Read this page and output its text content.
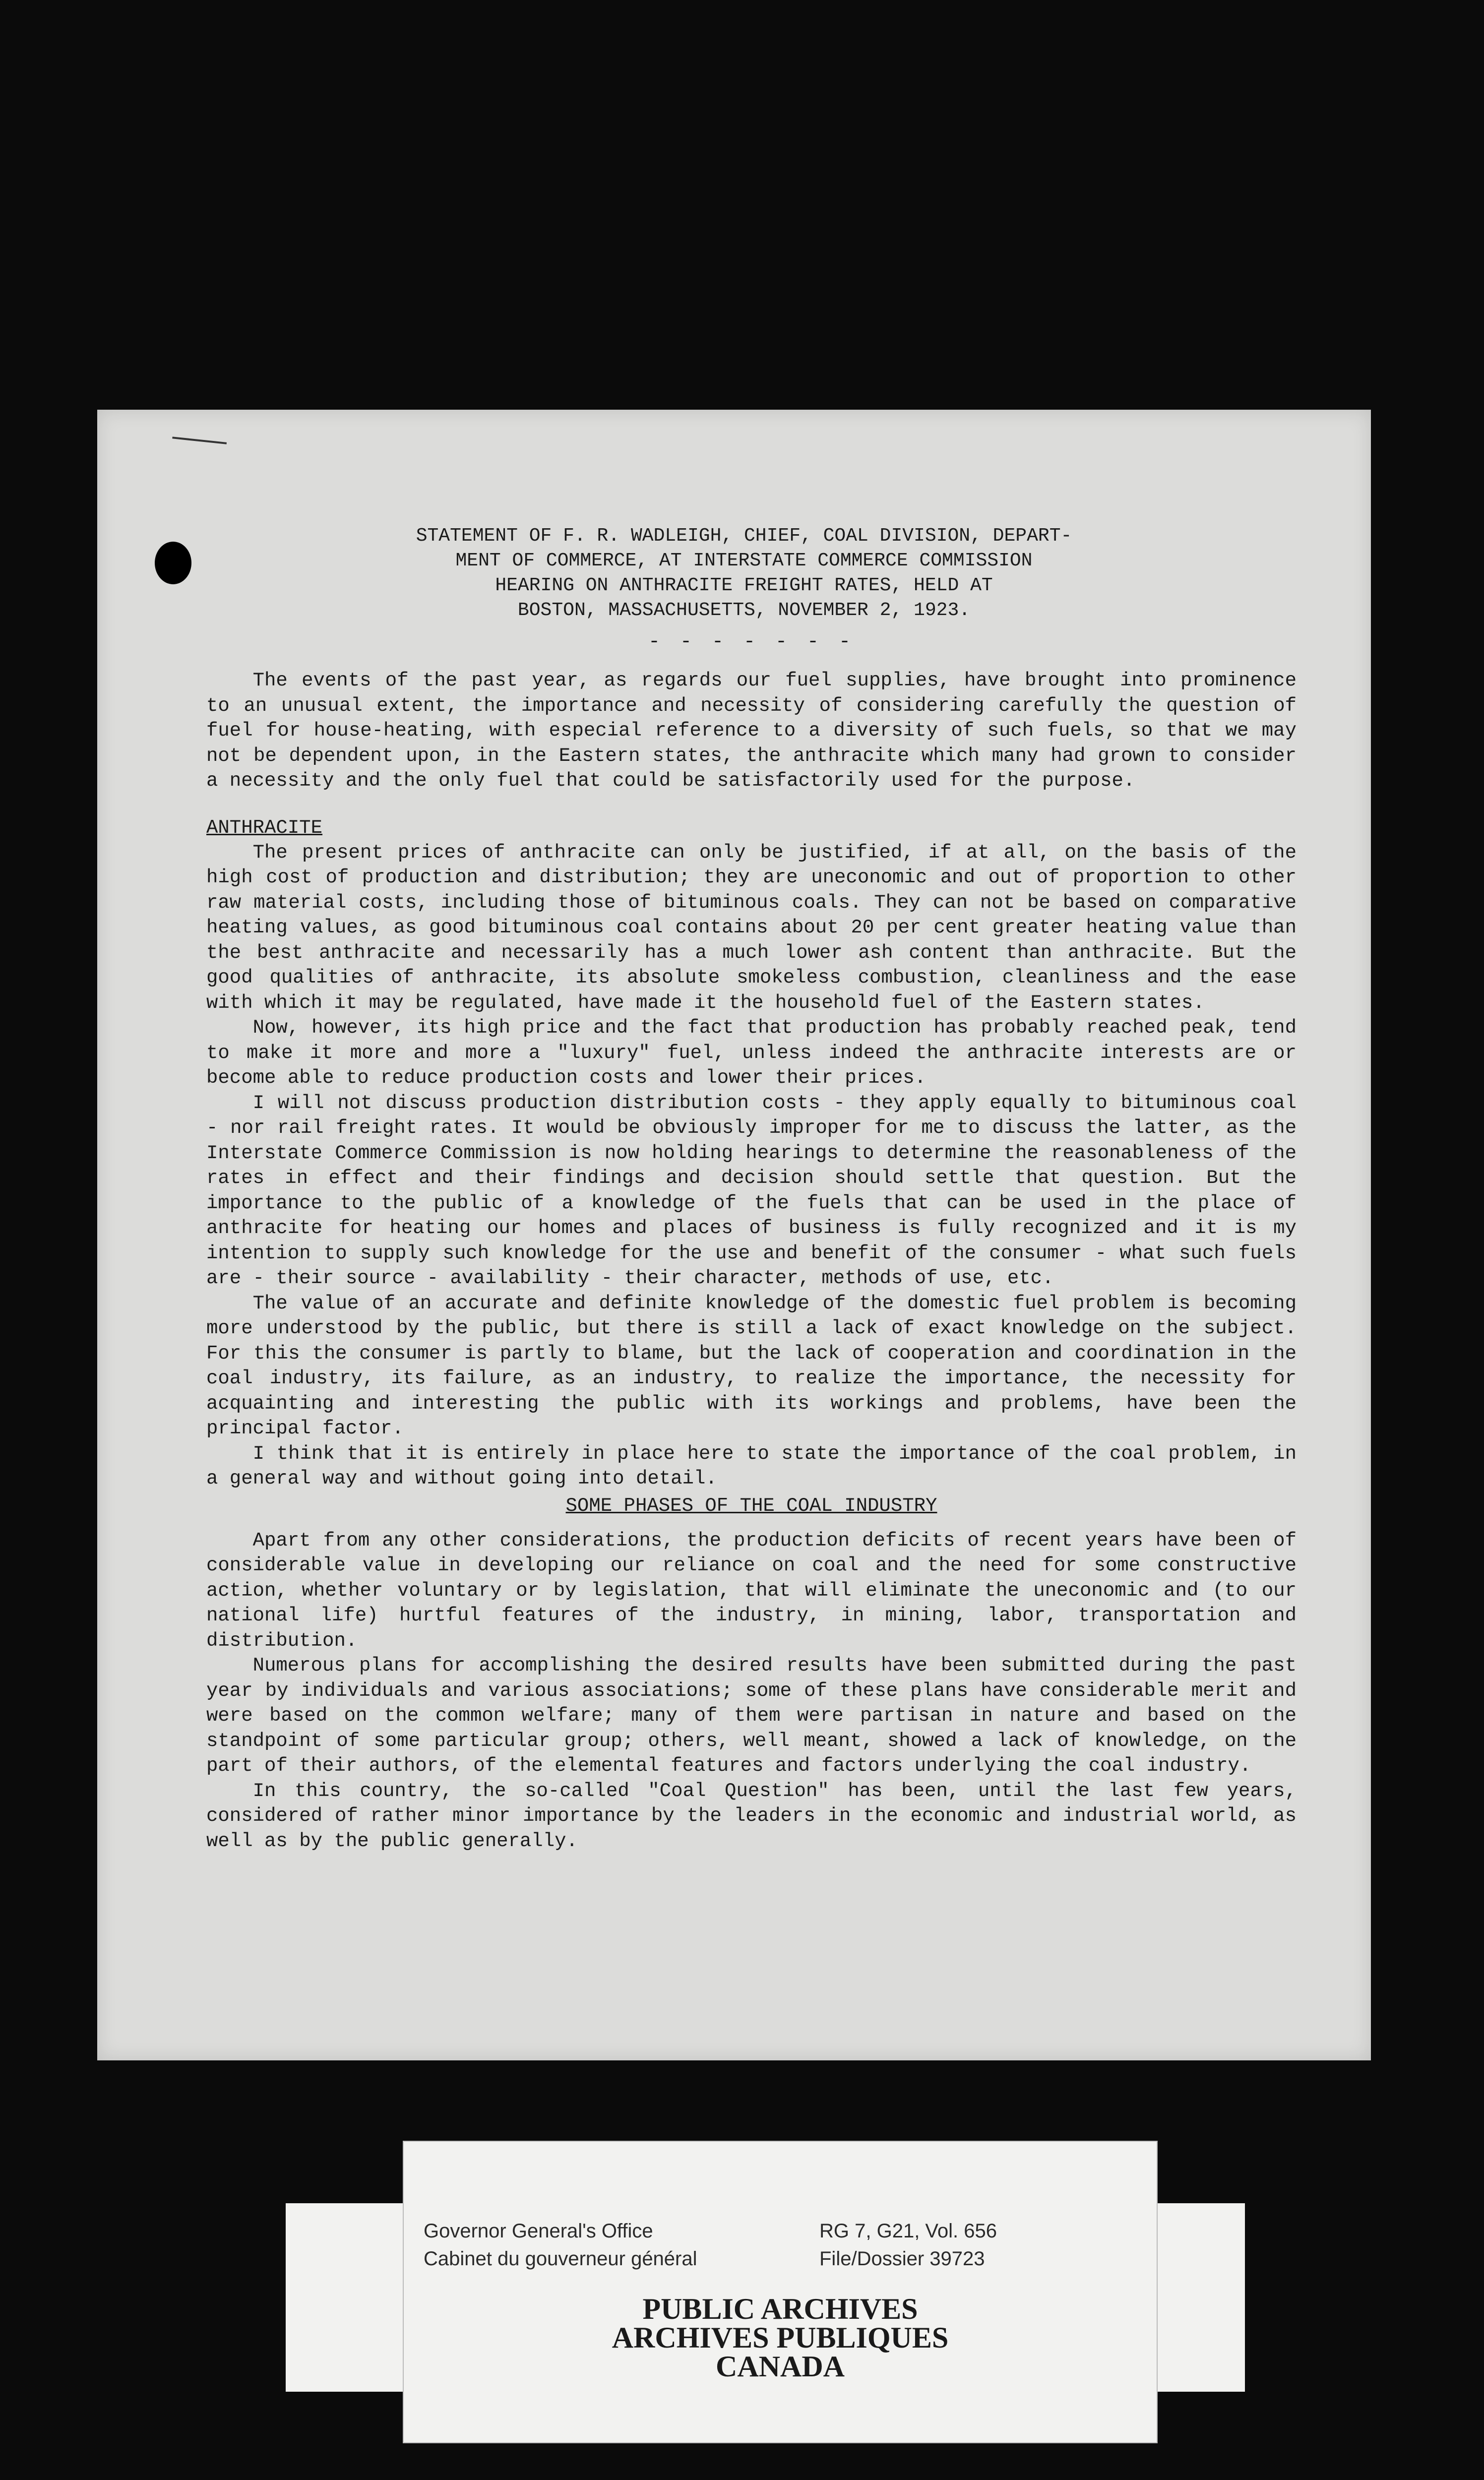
STATEMENT OF F. R. WADLEIGH, CHIEF, COAL DIVISION, DEPART-
MENT OF COMMERCE, AT INTERSTATE COMMERCE COMMISSION
HEARING ON ANTHRACITE FREIGHT RATES, HELD AT
BOSTON, MASSACHUSETTS, NOVEMBER 2, 1923.
- - - - - - -

The events of the past year, as regards our fuel supplies, have brought into prominence to an unusual extent, the importance and necessity of considering carefully the question of fuel for house-heating, with especial reference to a diversity of such fuels, so that we may not be dependent upon, in the Eastern states, the anthracite which many had grown to consider a necessity and the only fuel that could be satisfactorily used for the purpose.

ANTHRACITE

The present prices of anthracite can only be justified, if at all, on the basis of the high cost of production and distribution; they are uneconomic and out of proportion to other raw material costs, including those of bituminous coals. They can not be based on comparative heating values, as good bituminous coal contains about 20 per cent greater heating value than the best anthracite and necessarily has a much lower ash content than anthracite. But the good qualities of anthracite, its absolute smokeless combustion, cleanliness and the ease with which it may be regulated, have made it the household fuel of the Eastern states.

Now, however, its high price and the fact that production has probably reached peak, tend to make it more and more a "luxury" fuel, unless indeed the anthracite interests are or become able to reduce production costs and lower their prices.

I will not discuss production distribution costs - they apply equally to bituminous coal - nor rail freight rates. It would be obviously improper for me to discuss the latter, as the Interstate Commerce Commission is now holding hearings to determine the reasonableness of the rates in effect and their findings and decision should settle that question. But the importance to the public of a knowledge of the fuels that can be used in the place of anthracite for heating our homes and places of business is fully recognized and it is my intention to supply such knowledge for the use and benefit of the consumer - what such fuels are - their source - availability - their character, methods of use, etc.

The value of an accurate and definite knowledge of the domestic fuel problem is becoming more understood by the public, but there is still a lack of exact knowledge on the subject. For this the consumer is partly to blame, but the lack of cooperation and coordination in the coal industry, its failure, as an industry, to realize the importance, the necessity for acquainting and interesting the public with its workings and problems, have been the principal factor.

I think that it is entirely in place here to state the importance of the coal problem, in a general way and without going into detail.

SOME PHASES OF THE COAL INDUSTRY

Apart from any other considerations, the production deficits of recent years have been of considerable value in developing our reliance on coal and the need for some constructive action, whether voluntary or by legislation, that will eliminate the uneconomic and (to our national life) hurtful features of the industry, in mining, labor, transportation and distribution.

Numerous plans for accomplishing the desired results have been submitted during the past year by individuals and various associations; some of these plans have considerable merit and were based on the common welfare; many of them were partisan in nature and based on the standpoint of some particular group; others, well meant, showed a lack of knowledge, on the part of their authors, of the elemental features and factors underlying the coal industry.

In this country, the so-called "Coal Question" has been, until the last few years, considered of rather minor importance by the leaders in the economic and industrial world, as well as by the public generally.

Governor General's Office
Cabinet du gouverneur général
RG 7, G21, Vol. 656
File/Dossier 39723
PUBLIC ARCHIVES
ARCHIVES PUBLIQUES
CANADA
